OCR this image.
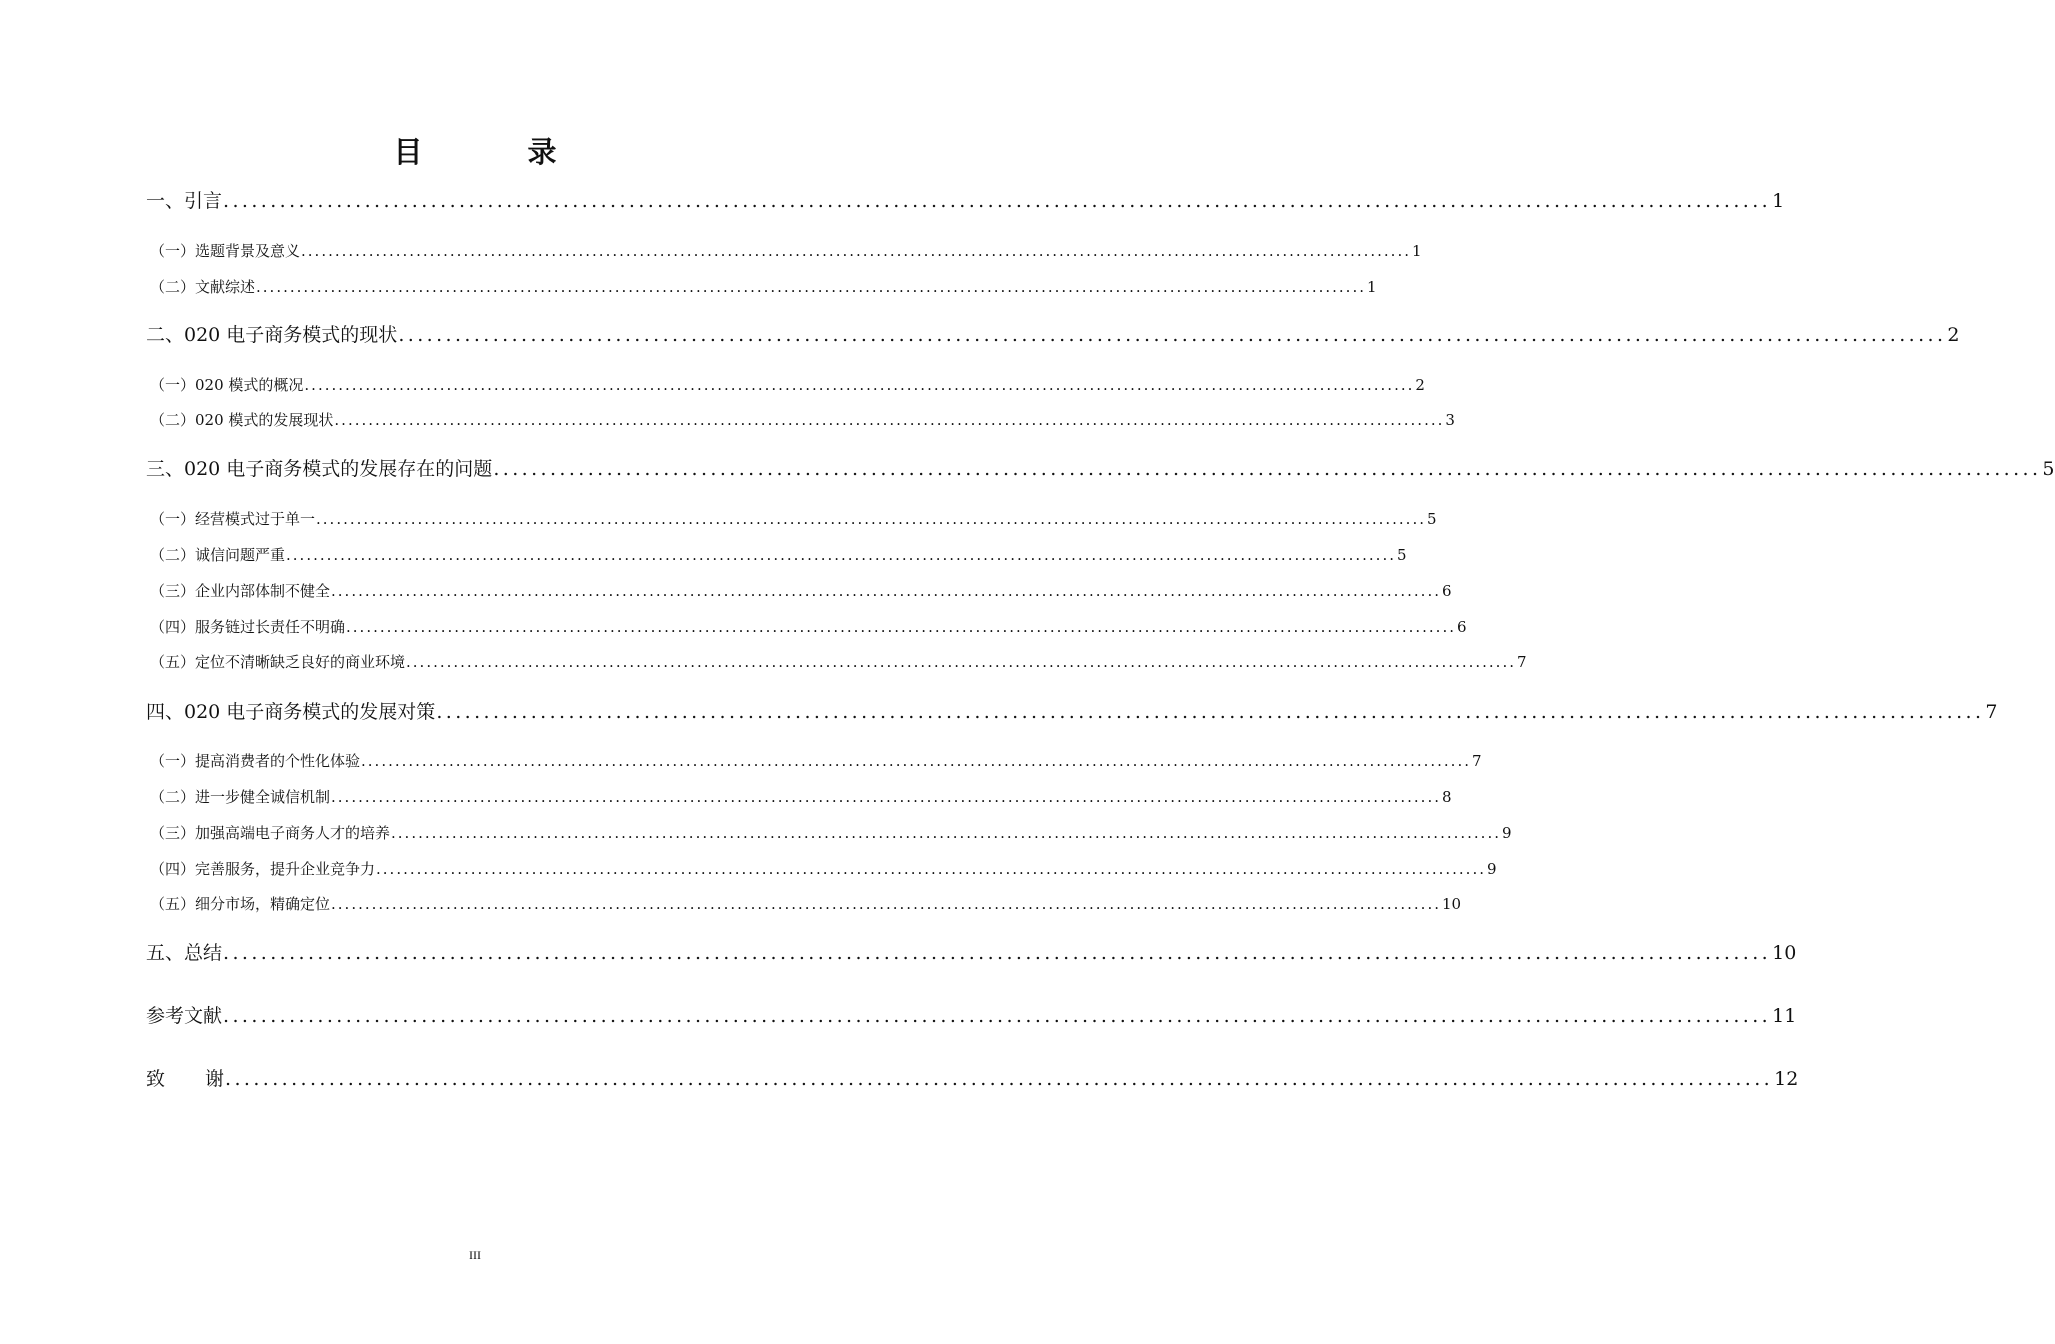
目　录
一、引言 .................................................................................................................................................................... 1
（一）选题背景及意义 .................................................................................................................................................................... 1
（二）文献综述 .................................................................................................................................................................... 1
二、020 电子商务模式的现状 .................................................................................................................................................................... 2
（一）020 模式的概况 .................................................................................................................................................................... 2
（二）020 模式的发展现状 .................................................................................................................................................................... 3
三、020 电子商务模式的发展存在的问题 .................................................................................................................................................................... 5
（一）经营模式过于单一 .................................................................................................................................................................... 5
（二）诚信问题严重 .................................................................................................................................................................... 5
（三）企业内部体制不健全 .................................................................................................................................................................... 6
（四）服务链过长责任不明确 .................................................................................................................................................................... 6
（五）定位不清晰缺乏良好的商业环境 .................................................................................................................................................................... 7
四、020 电子商务模式的发展对策 .................................................................................................................................................................... 7
（一）提高消费者的个性化体验 .................................................................................................................................................................... 7
（二）进一步健全诚信机制 .................................................................................................................................................................... 8
（三）加强高端电子商务人才的培养 .................................................................................................................................................................... 9
（四）完善服务，提升企业竞争力 .................................................................................................................................................................... 9
（五）细分市场，精确定位 .................................................................................................................................................................... 10
五、总结 .................................................................................................................................................................... 10
参考文献 .................................................................................................................................................................... 11
致 谢 .................................................................................................................................................................... 12
III
